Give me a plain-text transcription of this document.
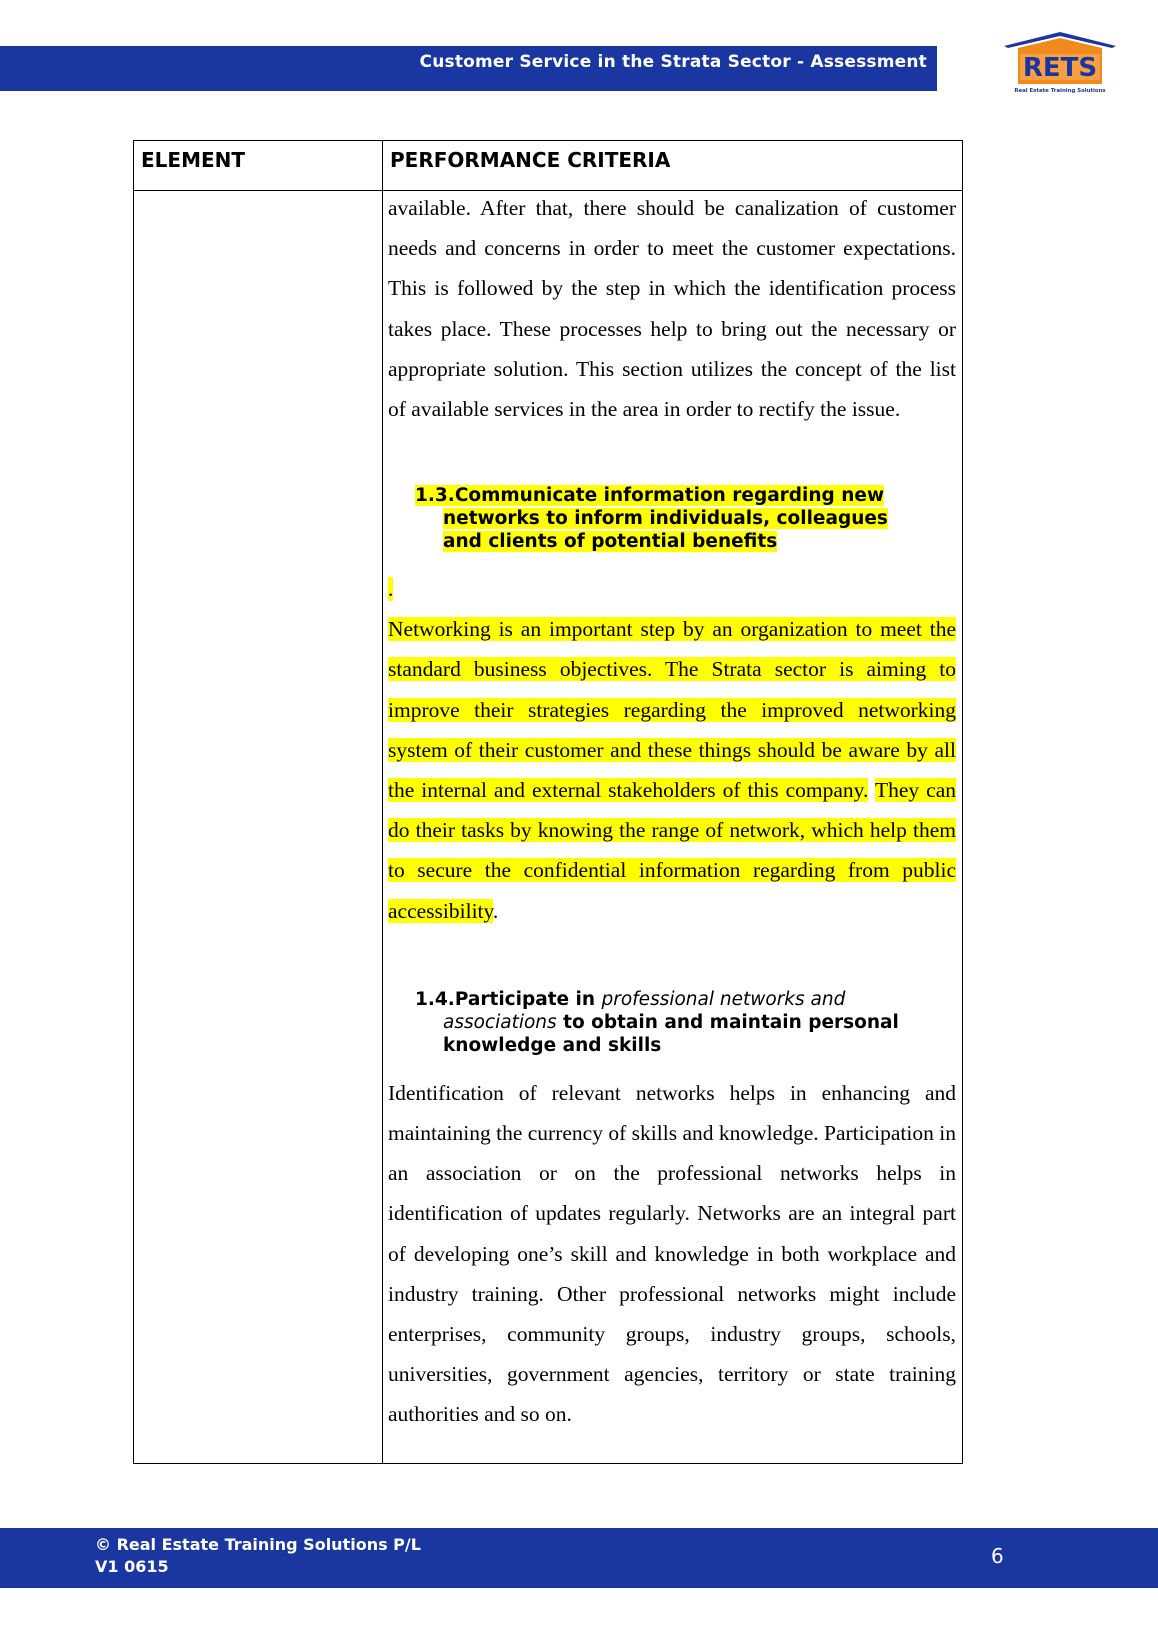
Customer Service in the Strata Sector - Assessment	RETS
Real Estate Training Solutions
ELEMENT	PERFORMANCE CRITERIA

available. After that, there should be canalization of customer needs and concerns in order to meet the customer expectations. This is followed by the step in which the identification process takes place. These processes help to bring out the necessary or appropriate solution. This section utilizes the concept of the list of available services in the area in order to rectify the issue.

1.3.Communicate information regarding new networks to inform individuals, colleagues and clients of potential benefits
.

Networking is an important step by an organization to meet the standard business objectives. The Strata sector is aiming to improve their strategies regarding the improved networking system of their customer and these things should be aware by all the internal and external stakeholders of this company. They can do their tasks by knowing the range of network, which help them to secure the confidential information regarding from public accessibility.

1.4.Participate in professional networks and associations to obtain and maintain personal knowledge and skills

Identification of relevant networks helps in enhancing and maintaining the currency of skills and knowledge. Participation in an association or on the professional networks helps in identification of updates regularly. Networks are an integral part of developing one’s skill and knowledge in both workplace and industry training. Other professional networks might include enterprises, community groups, industry groups, schools, universities, government agencies, territory or state training authorities and so on.

© Real Estate Training Solutions P/L
V1 0615	6
